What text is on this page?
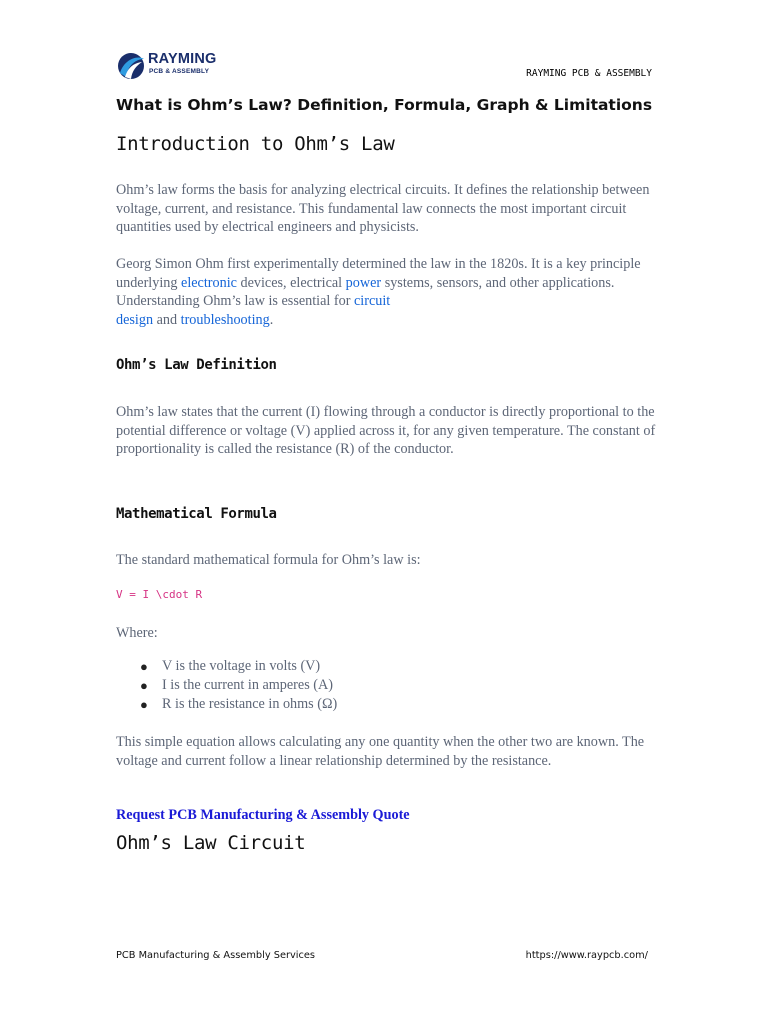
RAYMING
PCB & ASSEMBLY	RAYMING PCB & ASSEMBLY
What is Ohm’s Law? Definition, Formula, Graph & Limitations
Introduction to Ohm’s Law
Ohm’s law forms the basis for analyzing electrical circuits. It defines the relationship between voltage, current, and resistance. This fundamental law connects the most important circuit quantities used by electrical engineers and physicists.
Georg Simon Ohm first experimentally determined the law in the 1820s. It is a key principle underlying electronic devices, electrical power systems, sensors, and other applications. Understanding Ohm’s law is essential for circuit
design and troubleshooting.
Ohm’s Law Definition
Ohm’s law states that the current (I) flowing through a conductor is directly proportional to the potential difference or voltage (V) applied across it, for any given temperature. The constant of proportionality is called the resistance (R) of the conductor.
Mathematical Formula
The standard mathematical formula for Ohm’s law is:
V = I \cdot R
Where:
● V is the voltage in volts (V)
● I is the current in amperes (A)
● R is the resistance in ohms (Ω)
This simple equation allows calculating any one quantity when the other two are known. The voltage and current follow a linear relationship determined by the resistance.
Request PCB Manufacturing & Assembly Quote
Ohm’s Law Circuit
PCB Manufacturing & Assembly Services	https://www.raypcb.com/
